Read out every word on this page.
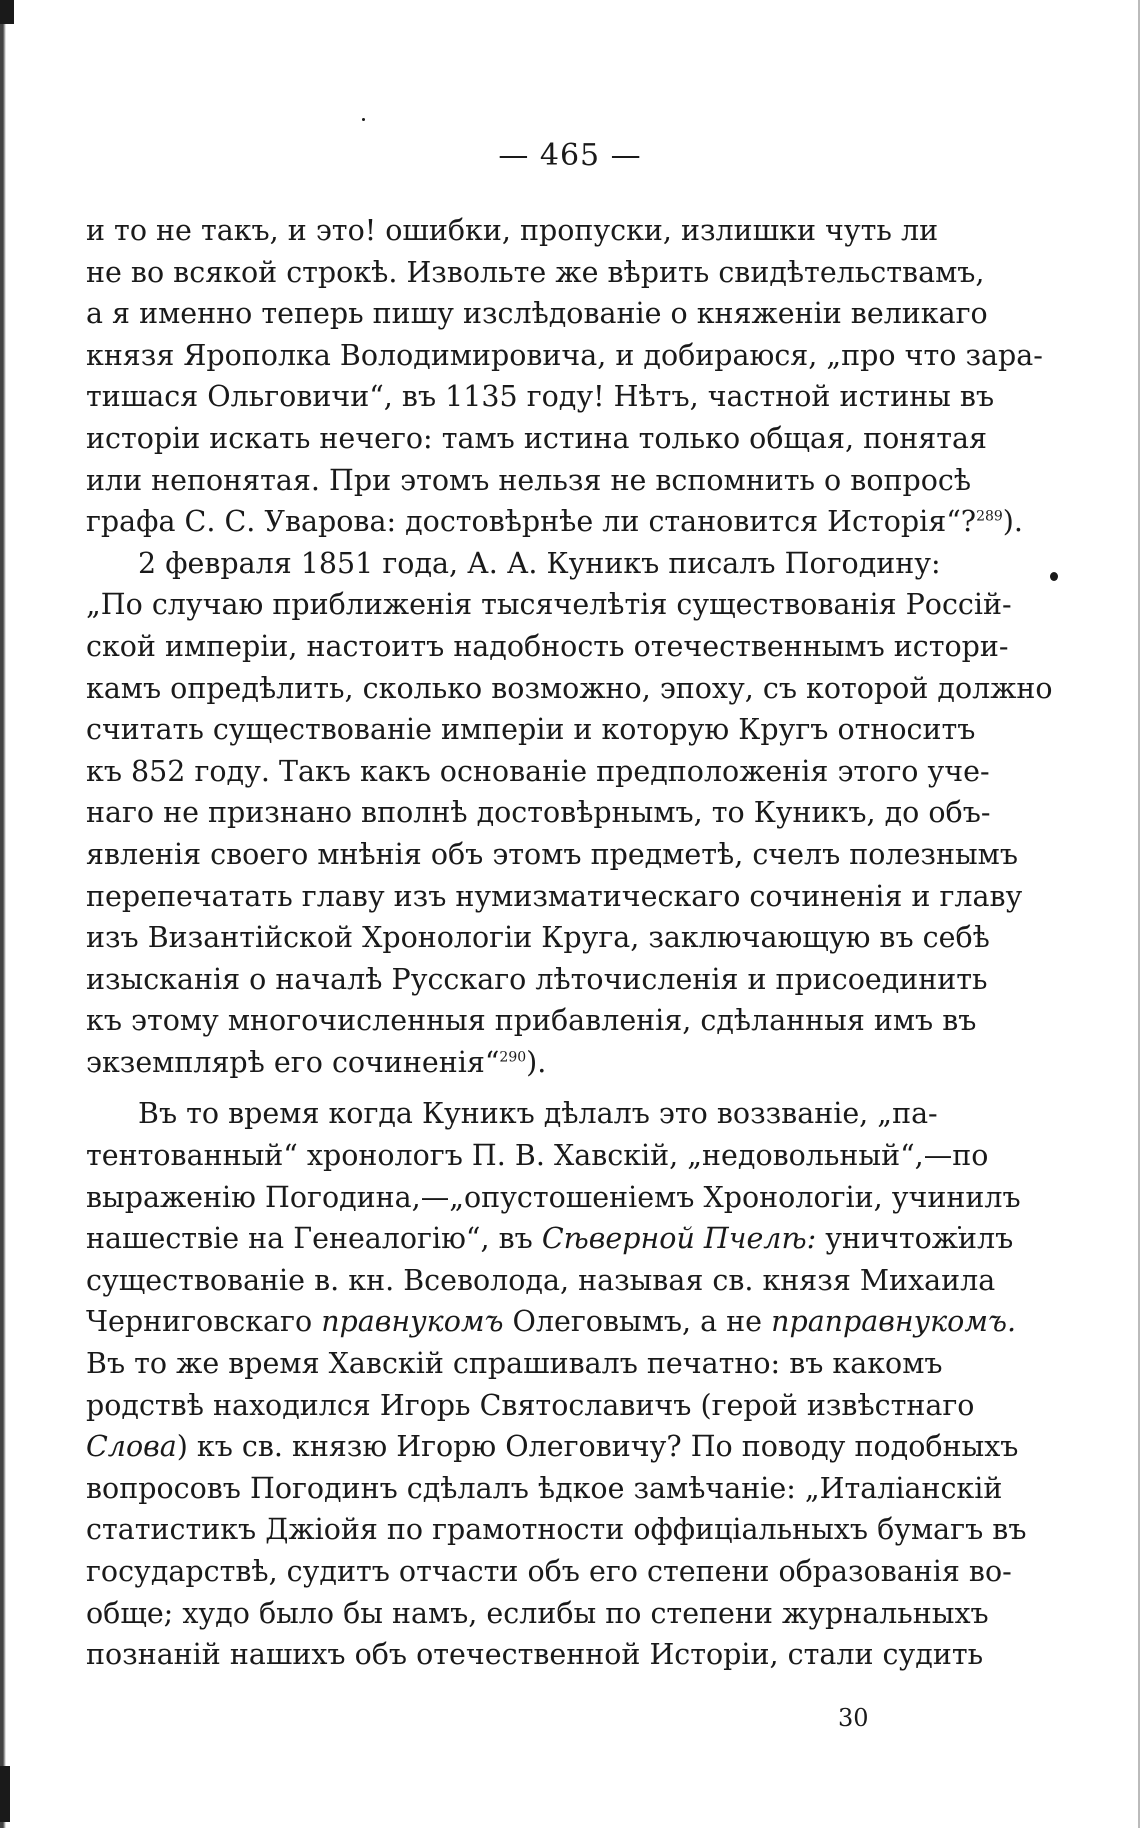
— 465 —
и то не такъ, и это! ошибки, пропуски, излишки чуть ли
не во всякой строкѣ. Извольте же вѣрить свидѣтельствамъ,
а я именно теперь пишу изслѣдованіе о княженіи великаго
князя Ярополка Володимировича, и добираюся, „про что зара-
тишася Ольговичи“, въ 1135 году! Нѣтъ, частной истины въ
исторіи искать нечего: тамъ истина только общая, понятая
или непонятая. При этомъ нельзя не вспомнить о вопросѣ
графа С. С. Уварова: достовѣрнѣе ли становится Исторія“?$^{289}$).
2 февраля 1851 года, А. А. Куникъ писалъ Погодину:
„По случаю приближенія тысячелѣтія существованія Россій-
ской имперіи, настоитъ надобность отечественнымъ истори-
камъ опредѣлить, сколько возможно, эпоху, съ которой должно
считать существованіе имперіи и которую Кругъ относитъ
къ 852 году. Такъ какъ основаніе предположенія этого уче-
наго не признано вполнѣ достовѣрнымъ, то Куникъ, до объ-
явленія своего мнѣнія объ этомъ предметѣ, счелъ полезнымъ
перепечатать главу изъ нумизматическаго сочиненія и главу
изъ Византійской Хронологіи Круга, заключающую въ себѣ
изысканія о началѣ Русскаго лѣточисленія и присоединить
къ этому многочисленныя прибавленія, сдѣланныя имъ въ
экземплярѣ его сочиненія“$^{290}$).
Въ то время когда Куникъ дѣлалъ это воззваніе, „па-
тентованный“ хронологъ П. В. Хавскій, „недовольный“,—по
выраженію Погодина,—„опустошеніемъ Хронологіи, учинилъ
нашествіе на Генеалогію“, въ Сѣверной Пчелѣ: уничтожилъ
существованіе в. кн. Всеволода, называя св. князя Михаила
Черниговскаго правнукомъ Олеговымъ, а не праправнукомъ.
Въ то же время Хавскій спрашивалъ печатно: въ какомъ
родствѣ находился Игорь Святославичъ (герой извѣстнаго
Слова) къ св. князю Игорю Олеговичу? По поводу подобныхъ
вопросовъ Погодинъ сдѣлалъ ѣдкое замѣчаніе: „Италіанскій
статистикъ Джіойя по грамотности оффиціальныхъ бумагъ въ
государствѣ, судитъ отчасти объ его степени образованія во-
обще; худо было бы намъ, еслибы по степени журнальныхъ
познаній нашихъ объ отечественной Исторіи, стали судить
30
